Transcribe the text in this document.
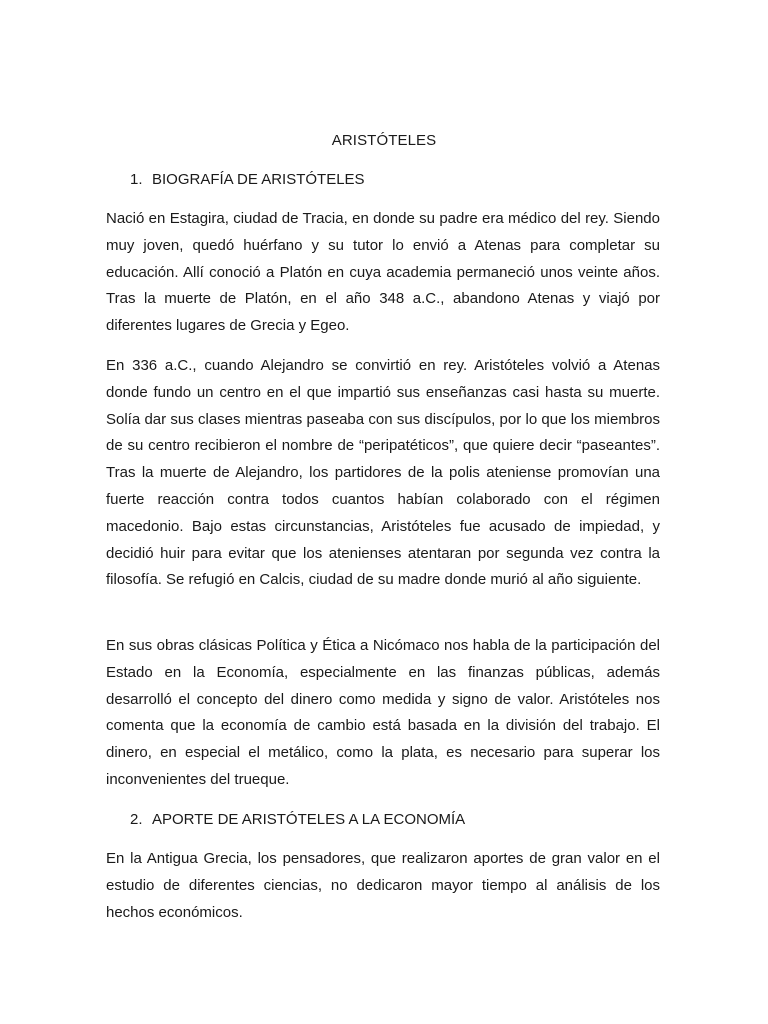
ARISTÓTELES
1. BIOGRAFÍA DE ARISTÓTELES

Nació en Estagira, ciudad de Tracia, en donde su padre era médico del rey. Siendo muy joven, quedó huérfano y su tutor lo envió a Atenas para completar su educación. Allí conoció a Platón en cuya academia permaneció unos veinte años. Tras la muerte de Platón, en el año 348 a.C., abandono Atenas y viajó por diferentes lugares de Grecia y Egeo.

En 336 a.C., cuando Alejandro se convirtió en rey. Aristóteles volvió a Atenas donde fundo un centro en el que impartió sus enseñanzas casi hasta su muerte. Solía dar sus clases mientras paseaba con sus discípulos, por lo que los miembros de su centro recibieron el nombre de “peripatéticos”, que quiere decir “paseantes”. Tras la muerte de Alejandro, los partidores de la polis ateniense promovían una fuerte reacción contra todos cuantos habían colaborado con el régimen macedonio. Bajo estas circunstancias, Aristóteles fue acusado de impiedad, y decidió huir para evitar que los atenienses atentaran por segunda vez contra la filosofía. Se refugió en Calcis, ciudad de su madre donde murió al año siguiente.

En sus obras clásicas Política y Ética a Nicómaco nos habla de la participación del Estado en la Economía, especialmente en las finanzas públicas, además desarrolló el concepto del dinero como medida y signo de valor. Aristóteles nos comenta que la economía de cambio está basada en la división del trabajo. El dinero, en especial el metálico, como la plata, es necesario para superar los inconvenientes del trueque.

2. APORTE DE ARISTÓTELES A LA ECONOMÍA

En la Antigua Grecia, los pensadores, que realizaron aportes de gran valor en el estudio de diferentes ciencias, no dedicaron mayor tiempo al análisis de los hechos económicos.
